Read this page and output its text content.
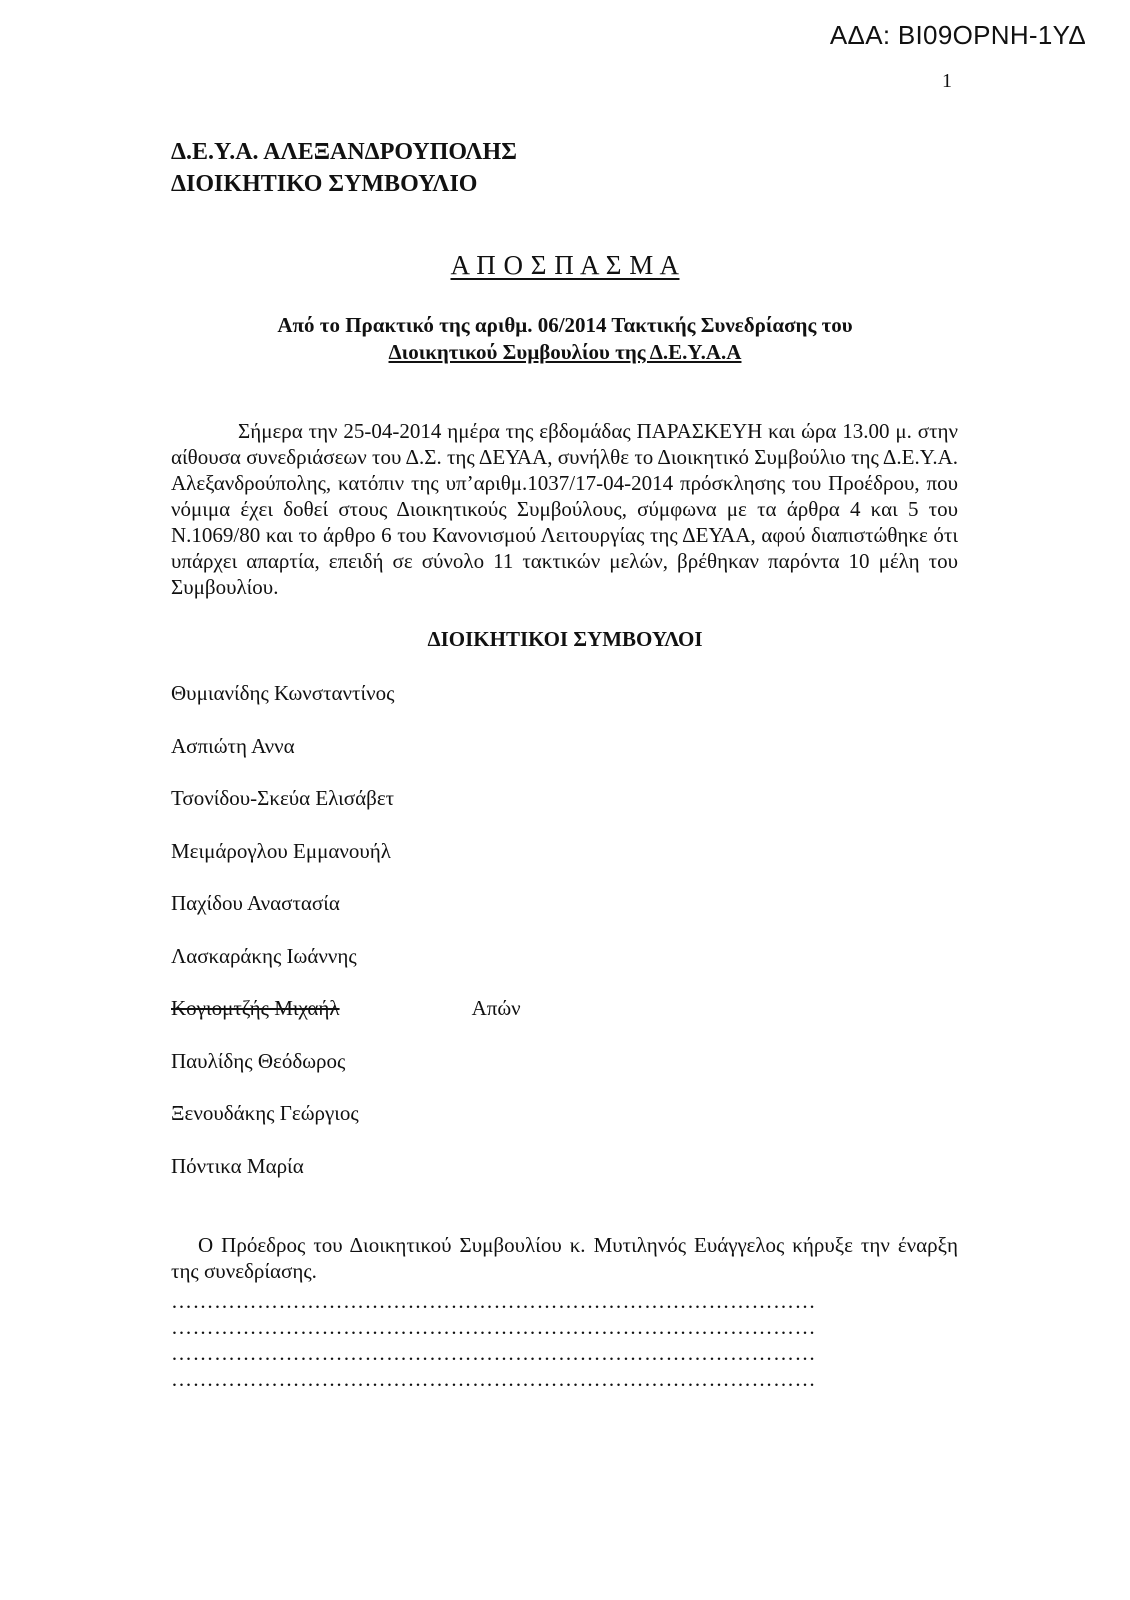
ΑΔΑ: ΒΙ09ΟΡΝΗ-1ΥΔ
1
Δ.Ε.Υ.Α. ΑΛΕΞΑΝΔΡΟΥΠΟΛΗΣ
ΔΙΟΙΚΗΤΙΚΟ ΣΥΜΒΟΥΛΙΟ
Α Π Ο Σ Π Α Σ Μ Α
Από το Πρακτικό της αριθμ. 06/2014 Τακτικής Συνεδρίασης του
Διοικητικού Συμβουλίου της Δ.Ε.Υ.Α.Α
Σήμερα την 25-04-2014 ημέρα της εβδομάδας ΠΑΡΑΣΚΕΥΗ και ώρα 13.00 μ. στην αίθουσα συνεδριάσεων του Δ.Σ. της ΔΕΥΑΑ, συνήλθε το Διοικητικό Συμβούλιο της Δ.Ε.Υ.Α. Αλεξανδρούπολης, κατόπιν της υπ’αριθμ.1037/17-04-2014 πρόσκλησης του Προέδρου, που νόμιμα έχει δοθεί στους Διοικητικούς Συμβούλους, σύμφωνα με τα άρθρα 4 και 5 του Ν.1069/80 και το άρθρο 6 του Κανονισμού Λειτουργίας της ΔΕΥΑΑ, αφού διαπιστώθηκε ότι υπάρχει απαρτία, επειδή σε σύνολο 11 τακτικών μελών, βρέθηκαν παρόντα 10 μέλη του Συμβουλίου.
ΔΙΟΙΚΗΤΙΚΟΙ ΣΥΜΒΟΥΛΟΙ
Θυμιανίδης Κωνσταντίνος
Ασπιώτη Αννα
Τσονίδου-Σκεύα Ελισάβετ
Μειμάρογλου Εμμανουήλ
Παχίδου Αναστασία
Λασκαράκης Ιωάννης
Κογιομτζής Μιχαήλ	Απών
Παυλίδης Θεόδωρος
Ξενουδάκης Γεώργιος
Πόντικα Μαρία
Ο Πρόεδρος του Διοικητικού Συμβουλίου κ. Μυτιληνός Ευάγγελος κήρυξε την έναρξη της συνεδρίασης.
………………………………………………………………………………
………………………………………………………………………………
………………………………………………………………………………
………………………………………………………………………………
